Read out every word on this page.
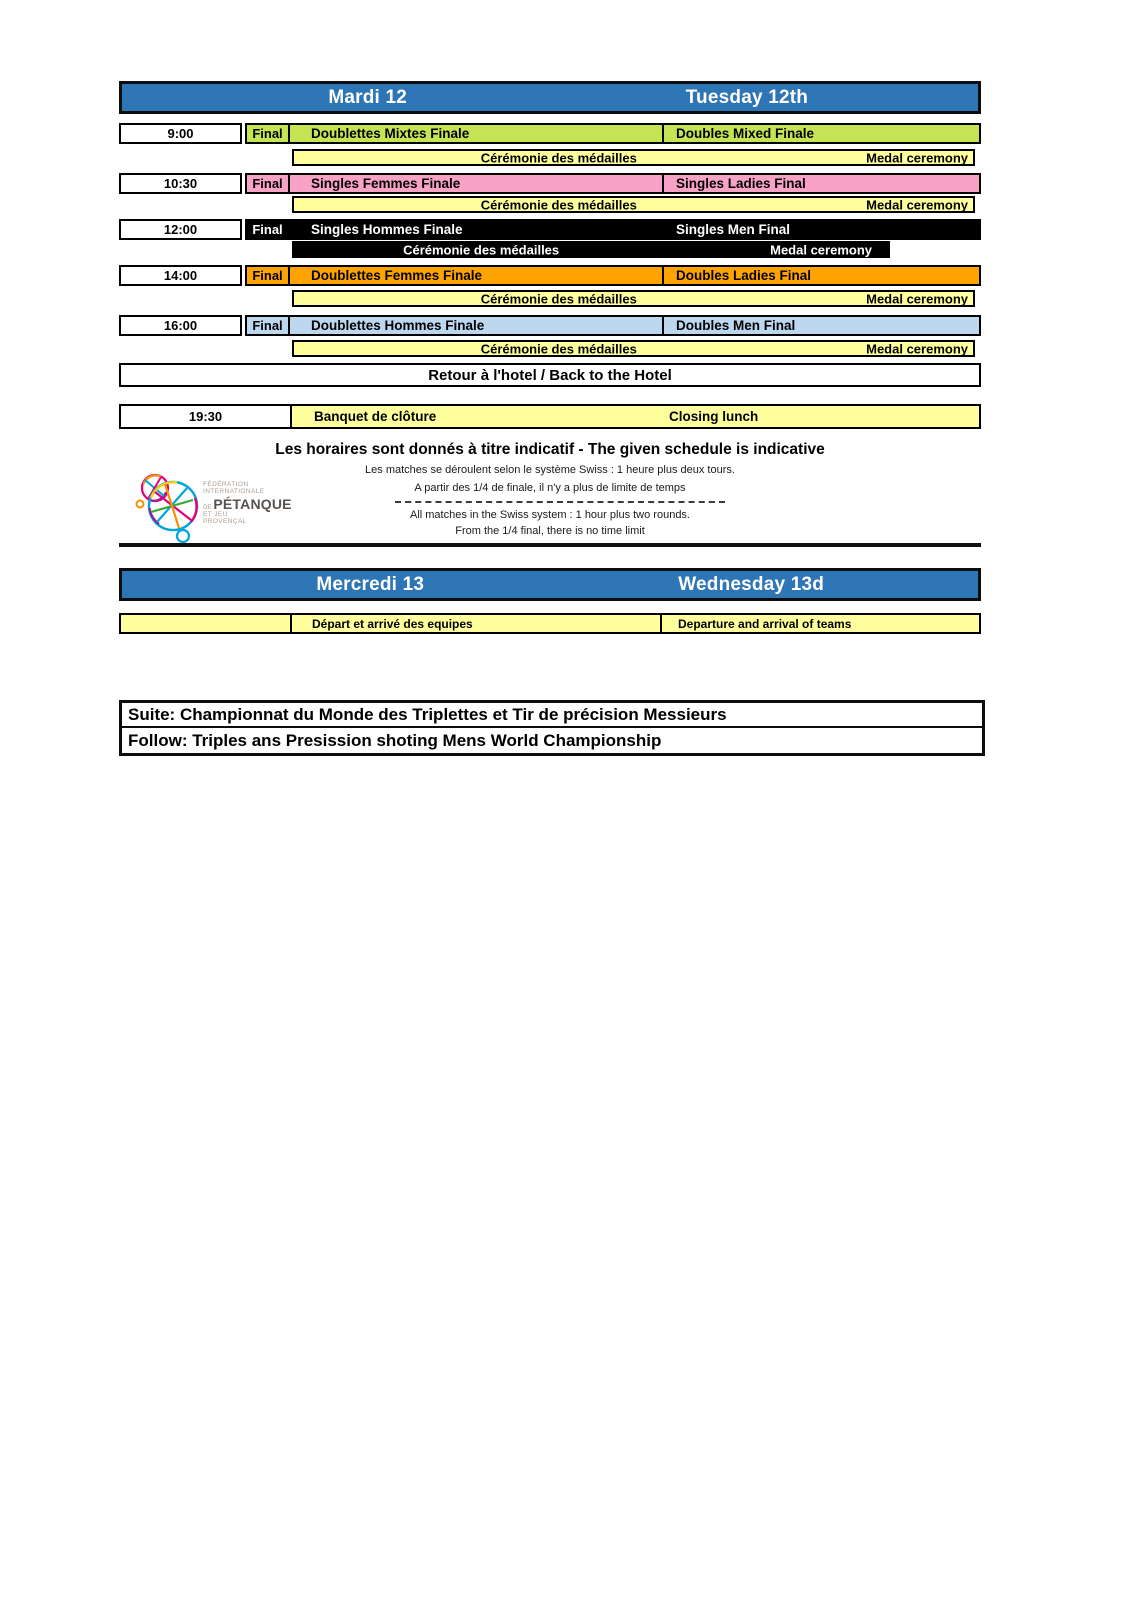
Mardi 12	Tuesday 12th
9:00	Final	Doublettes Mixtes Finale	Doubles Mixed Finale
Cérémonie des médailles	Medal ceremony
10:30	Final	Singles Femmes Finale	Singles Ladies Final
Cérémonie des médailles	Medal ceremony
12:00	Final	Singles Hommes Finale	Singles Men Final
Cérémonie des médailles	Medal ceremony
14:00	Final	Doublettes Femmes Finale	Doubles Ladies Final
Cérémonie des médailles	Medal ceremony
16:00	Final	Doublettes Hommes Finale	Doubles Men Final
Cérémonie des médailles	Medal ceremony
Retour à l'hotel / Back to the Hotel
19:30	Banquet de clôture	Closing lunch
Les horaires sont donnés à titre indicatif - The given schedule is indicative
Les matches se déroulent selon le système Swiss : 1 heure plus deux tours.
A partir des 1/4 de finale, il n'y a plus de limite de temps
All matches in the Swiss system : 1 hour plus two rounds.
From the 1/4 final, there is no time limit
FÉDÉRATION
INTERNATIONALE
DE PÉTANQUE
ET JEU
PROVENÇAL
Mercredi 13	Wednesday 13d
Départ et arrivé des equipes	Departure and arrival of teams
Suite: Championnat du Monde des Triplettes et Tir de précision Messieurs
Follow: Triples ans Presission shoting Mens World Championship
